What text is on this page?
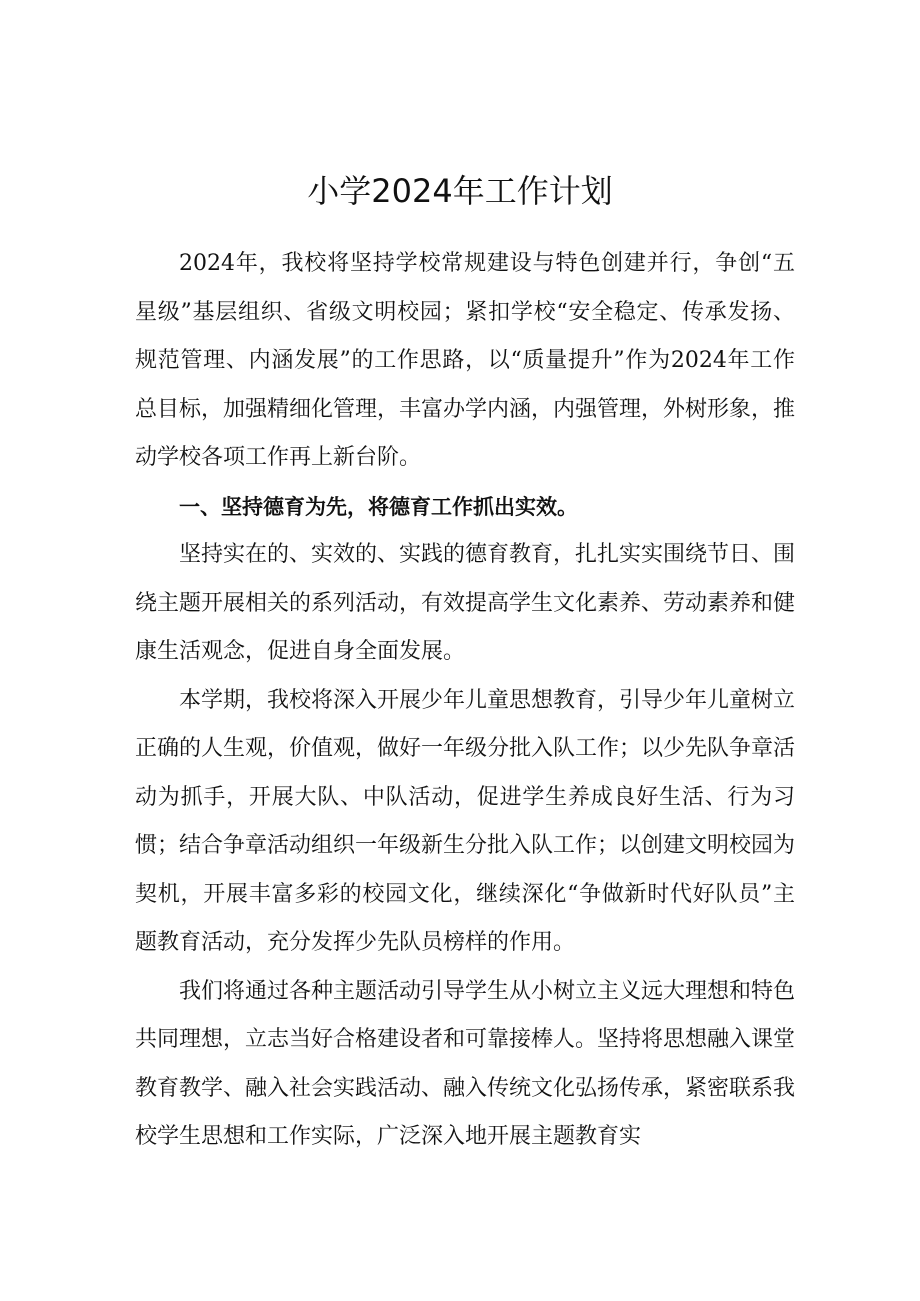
小学2024年工作计划

2024年，我校将坚持学校常规建设与特色创建并行，争创“五星级”基层组织、省级文明校园；紧扣学校“安全稳定、传承发扬、规范管理、内涵发展”的工作思路，以“质量提升”作为2024年工作总目标，加强精细化管理，丰富办学内涵，内强管理，外树形象，推动学校各项工作再上新台阶。

一、坚持德育为先，将德育工作抓出实效。

坚持实在的、实效的、实践的德育教育，扎扎实实围绕节日、围绕主题开展相关的系列活动，有效提高学生文化素养、劳动素养和健康生活观念，促进自身全面发展。

本学期，我校将深入开展少年儿童思想教育，引导少年儿童树立正确的人生观，价值观，做好一年级分批入队工作；以少先队争章活动为抓手，开展大队、中队活动，促进学生养成良好生活、行为习惯；结合争章活动组织一年级新生分批入队工作；以创建文明校园为契机，开展丰富多彩的校园文化，继续深化“争做新时代好队员”主题教育活动，充分发挥少先队员榜样的作用。

我们将通过各种主题活动引导学生从小树立主义远大理想和特色共同理想，立志当好合格建设者和可靠接棒人。坚持将思想融入课堂教育教学、融入社会实践活动、融入传统文化弘扬传承，紧密联系我校学生思想和工作实际，广泛深入地开展主题教育实
